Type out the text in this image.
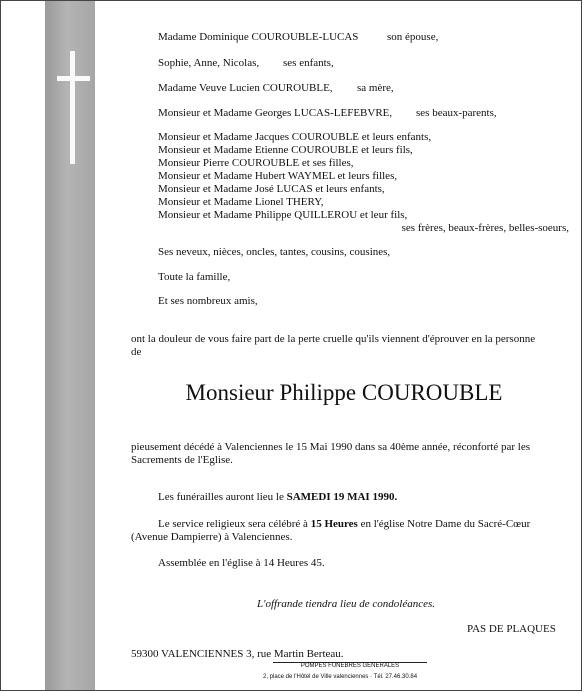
Madame Dominique COUROUBLE-LUCAS	son épouse,
Sophie, Anne, Nicolas, ses enfants,
Madame Veuve Lucien COUROUBLE, sa mère,
Monsieur et Madame Georges LUCAS-LEFEBVRE, ses beaux-parents,
Monsieur et Madame Jacques COUROUBLE et leurs enfants,
Monsieur et Madame Etienne COUROUBLE et leurs fils,
Monsieur Pierre COUROUBLE et ses filles,
Monsieur et Madame Hubert WAYMEL et leurs filles,
Monsieur et Madame José LUCAS et leurs enfants,
Monsieur et Madame Lionel THERY,
Monsieur et Madame Philippe QUILLEROU et leur fils,
ses frères, beaux-frères, belles-soeurs,
Ses neveux, nièces, oncles, tantes, cousins, cousines,
Toute la famille,
Et ses nombreux amis,
ont la douleur de vous faire part de la perte cruelle qu'ils viennent d'éprouver en la personne
de
Monsieur Philippe COUROUBLE
pieusement décédé à Valenciennes le 15 Mai 1990 dans sa 40ème année, réconforté par les
Sacrements de l'Eglise.
Les funérailles auront lieu le SAMEDI 19 MAI 1990.
Le service religieux sera célébré à 15 Heures en l'église Notre Dame du Sacré-Cœur
(Avenue Dampierre) à Valenciennes.
Assemblée en l'église à 14 Heures 45.
L'offrande tiendra lieu de condoléances.
PAS DE PLAQUES
59300 VALENCIENNES 3, rue Martin Berteau.
POMPES FUNEBRES GENERALES
2, place de l'Hôtel de Ville valenciennes · Tél. 27.46.30.84
